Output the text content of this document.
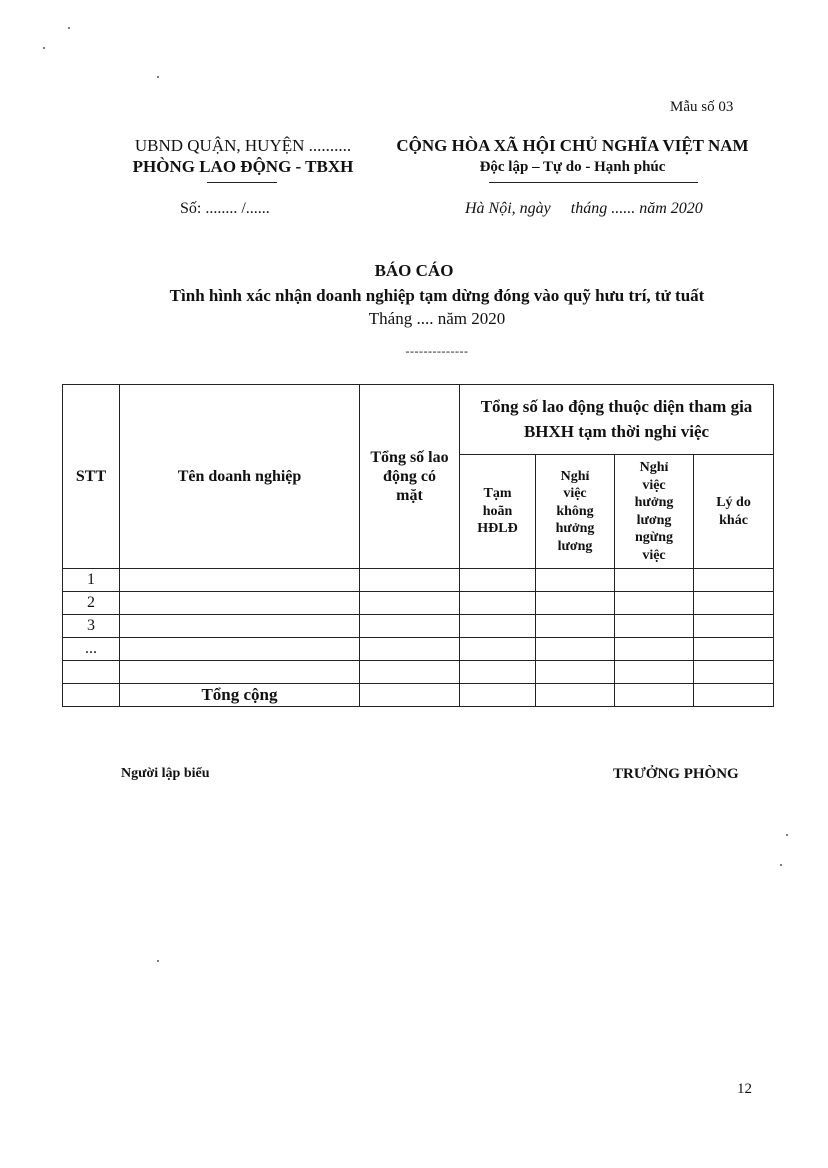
Mẫu số 03
UBND QUẬN, HUYỆN ..........
PHÒNG LAO ĐỘNG - TBXH
CỘNG HÒA XÃ HỘI CHỦ NGHĨA VIỆT NAM
Độc lập – Tự do - Hạnh phúc
Số: ........ /......	Hà Nội, ngày     tháng ...... năm 2020
BÁO CÁO
Tình hình xác nhận doanh nghiệp tạm dừng đóng vào quỹ hưu trí, tử tuất
Tháng .... năm 2020
--------------
STT	Tên doanh nghiệp	Tổng số lao động có mặt	Tổng số lao động thuộc diện tham gia BHXH tạm thời nghỉ việc			
			Tạm hoãn HĐLĐ	Nghỉ việc không hưởng lương	Nghỉ việc hưởng lương ngừng việc	Lý do khác
1						
2						
3						
...						

	Tổng cộng					
Người lập biểu	TRƯỞNG PHÒNG
12
